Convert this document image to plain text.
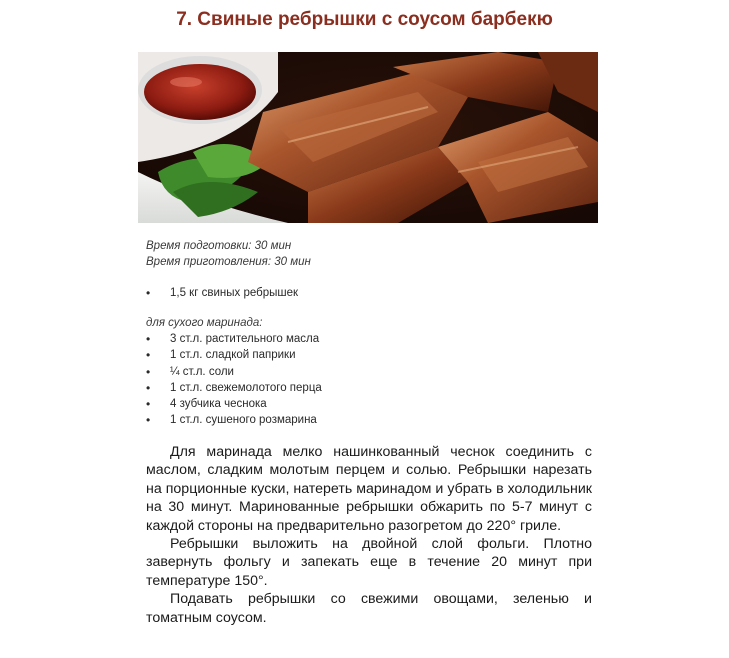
7. Свиные ребрышки с соусом барбекю
Время подготовки: 30 мин
Время приготовления: 30 мин
• 1,5 кг свиных ребрышек

для сухого маринада:

• 3 ст.л. растительного масла
• 1 ст.л. сладкой паприки
• ¼ ст.л. соли
• 1 ст.л. свежемолотого перца
• 4 зубчика чеснока
• 1 ст.л. сушеного розмарина

Для маринада мелко нашинкованный чеснок соединить с маслом, сладким молотым перцем и солью. Ребрышки нарезать на порционные куски, натереть маринадом и убрать в холодильник на 30 минут. Маринованные ребрышки обжарить по 5-7 минут с каждой стороны на предварительно разогретом до 220° гриле.

Ребрышки выложить на двойной слой фольги. Плотно завернуть фольгу и запекать еще в течение 20 минут при температуре 150°.

Подавать ребрышки со свежими овощами, зеленью и томатным соусом.
